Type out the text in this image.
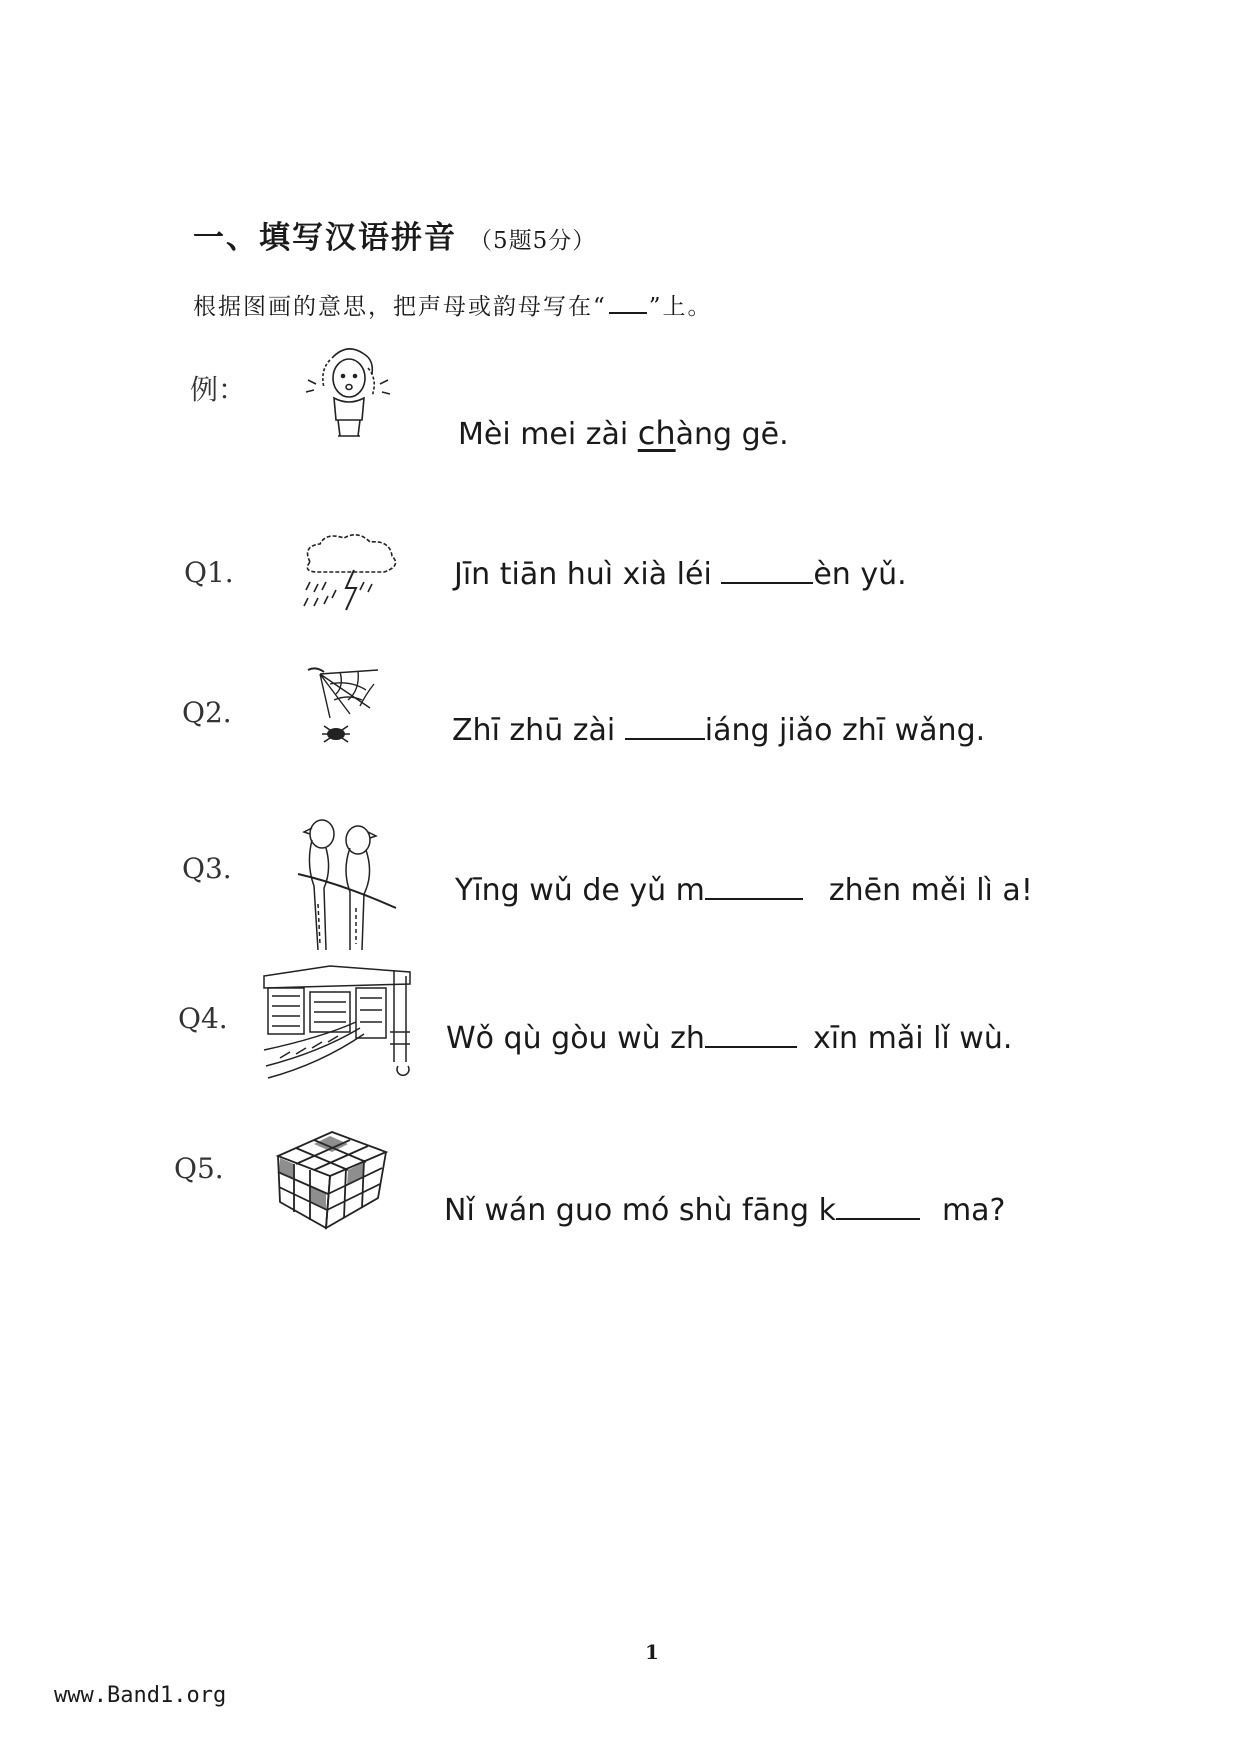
一、填写汉语拼音 （5题5分）
根据图画的意思，把声母或韵母写在“ ”上。
例：
Mèi mei zài chàng gē.
Q1.	Jīn tiān huì xià léi	èn yǔ.
Q2.
Zhī zhū zài	iáng jiǎo zhī wǎng.
Q3.
Yīng wǔ de yǔ m	zhēn měi lì a!
Q4.
Wǒ qù gòu wù zh	xīn mǎi lǐ wù.
Q5.
Nǐ wán guo mó shù fāng k	ma?
1
www.Band1.org
